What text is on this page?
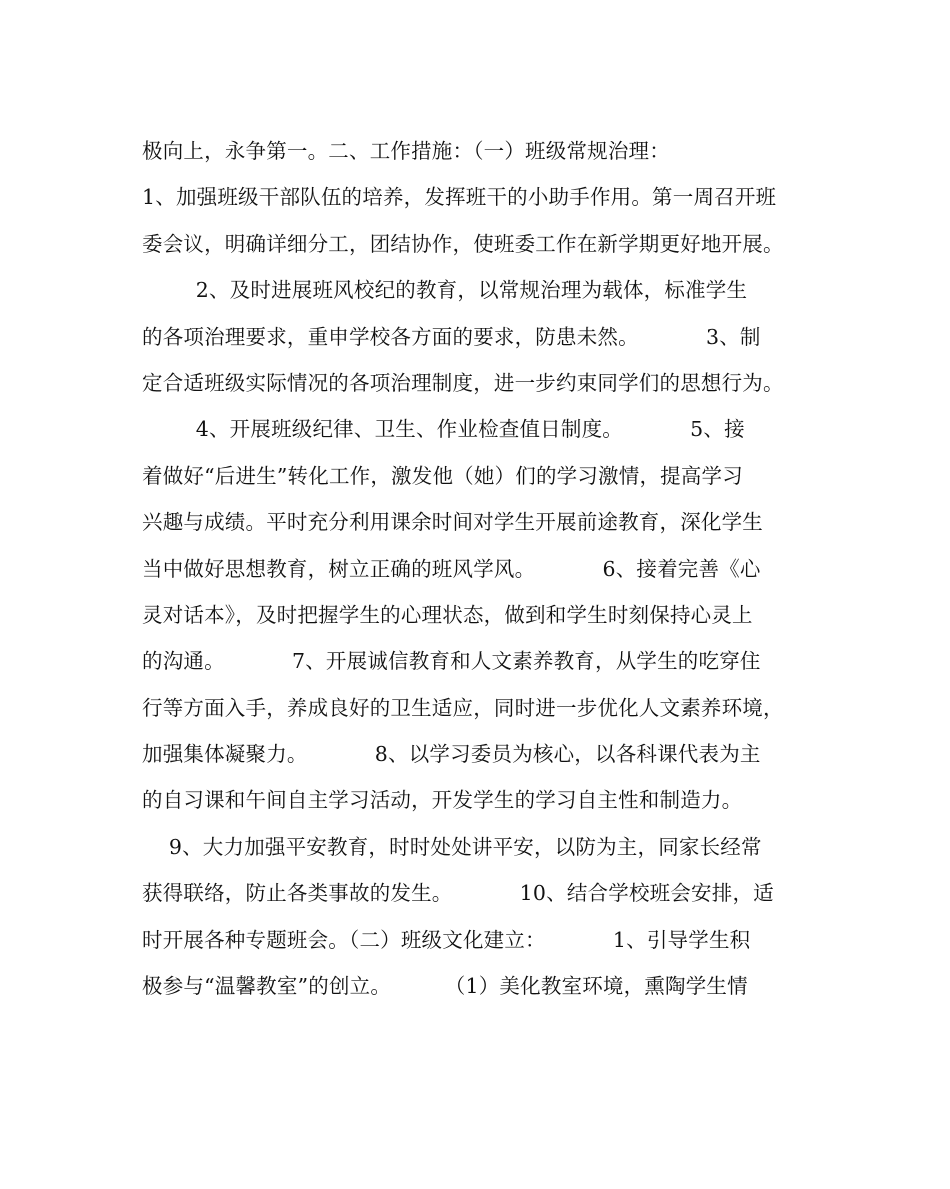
极向上，永争第一。二、工作措施：（一）班级常规治理：
1、加强班级干部队伍的培养，发挥班干的小助手作用。第一周召开班
委会议，明确详细分工，团结协作，使班委工作在新学期更好地开展。
2、及时进展班风校纪的教育，以常规治理为载体，标准学生
的各项治理要求，重申学校各方面的要求，防患未然。          3、制
定合适班级实际情况的各项治理制度，进一步约束同学们的思想行为。
4、开展班级纪律、卫生、作业检查值日制度。          5、接
着做好“后进生”转化工作，激发他（她）们的学习激情，提高学习
兴趣与成绩。平时充分利用课余时间对学生开展前途教育，深化学生
当中做好思想教育，树立正确的班风学风。          6、接着完善《心
灵对话本》，及时把握学生的心理状态，做到和学生时刻保持心灵上
的沟通。          7、开展诚信教育和人文素养教育，从学生的吃穿住
行等方面入手，养成良好的卫生适应，同时进一步优化人文素养环境，
加强集体凝聚力。          8、以学习委员为核心，以各科课代表为主
的自习课和午间自主学习活动，开发学生的学习自主性和制造力。
9、大力加强平安教育，时时处处讲平安，以防为主，同家长经常
获得联络，防止各类事故的发生。          10、结合学校班会安排，适
时开展各种专题班会。（二）班级文化建立：          1、引导学生积
极参与“温馨教室”的创立。        （1）美化教室环境，熏陶学生情
